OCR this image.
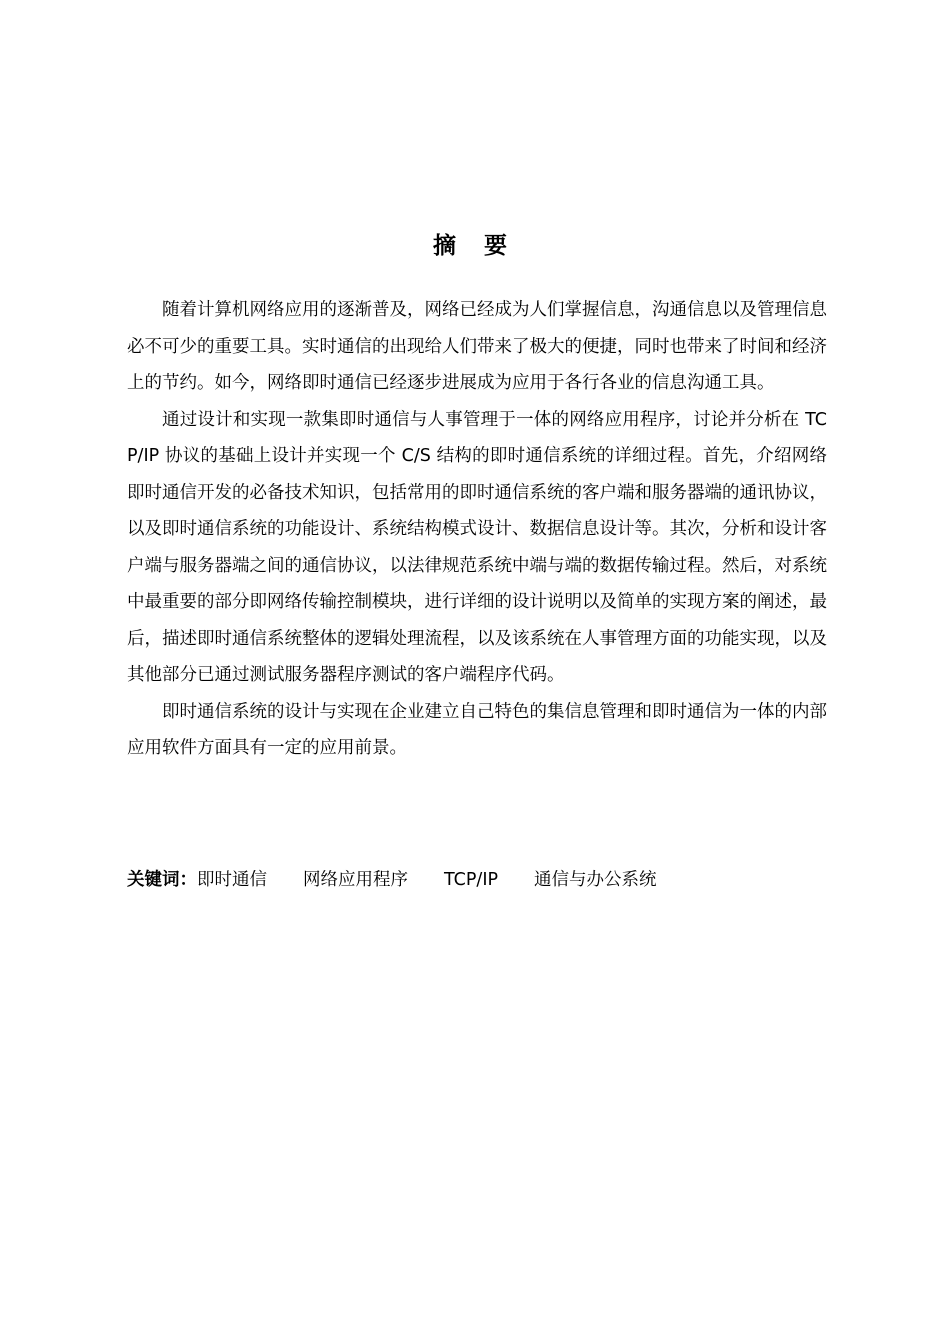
摘 要

随着计算机网络应用的逐渐普及，网络已经成为人们掌握信息，沟通信息以及管理信息必不可少的重要工具。实时通信的出现给人们带来了极大的便捷，同时也带来了时间和经济上的节约。如今，网络即时通信已经逐步进展成为应用于各行各业的信息沟通工具。

通过设计和实现一款集即时通信与人事管理于一体的网络应用程序，讨论并分析在 TCP/IP 协议的基础上设计并实现一个 C/S 结构的即时通信系统的详细过程。首先，介绍网络即时通信开发的必备技术知识，包括常用的即时通信系统的客户端和服务器端的通讯协议，以及即时通信系统的功能设计、系统结构模式设计、数据信息设计等。其次，分析和设计客户端与服务器端之间的通信协议，以法律规范系统中端与端的数据传输过程。然后，对系统中最重要的部分即网络传输控制模块，进行详细的设计说明以及简单的实现方案的阐述，最后，描述即时通信系统整体的逻辑处理流程，以及该系统在人事管理方面的功能实现，以及其他部分已通过测试服务器程序测试的客户端程序代码。

即时通信系统的设计与实现在企业建立自己特色的集信息管理和即时通信为一体的内部应用软件方面具有一定的应用前景。

关键词：即时通信 网络应用程序 TCP/IP 通信与办公系统
